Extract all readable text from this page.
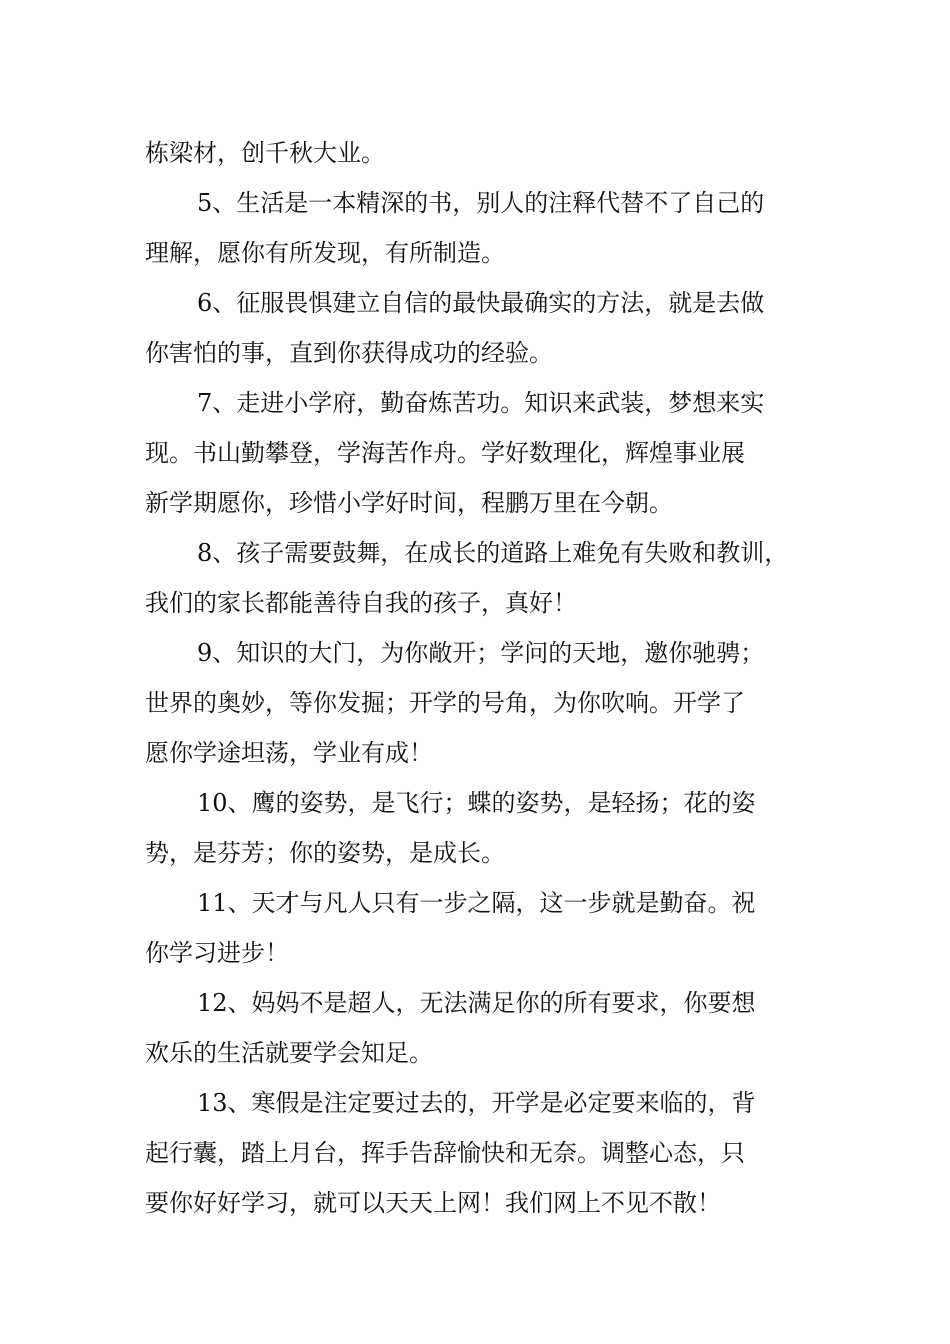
栋梁材，创千秋大业。
5、生活是一本精深的书，别人的注释代替不了自己的
理解，愿你有所发现，有所制造。
6、征服畏惧建立自信的最快最确实的方法，就是去做
你害怕的事，直到你获得成功的经验。
7、走进小学府，勤奋炼苦功。知识来武装，梦想来实
现。书山勤攀登，学海苦作舟。学好数理化，辉煌事业展
新学期愿你，珍惜小学好时间，程鹏万里在今朝。
8、孩子需要鼓舞，在成长的道路上难免有失败和教训，
我们的家长都能善待自我的孩子，真好！
9、知识的大门，为你敞开；学问的天地，邀你驰骋；
世界的奥妙，等你发掘；开学的号角，为你吹响。开学了
愿你学途坦荡，学业有成！
10、鹰的姿势，是飞行；蝶的姿势，是轻扬；花的姿
势，是芬芳；你的姿势，是成长。
11、天才与凡人只有一步之隔，这一步就是勤奋。祝
你学习进步！
12、妈妈不是超人，无法满足你的所有要求，你要想
欢乐的生活就要学会知足。
13、寒假是注定要过去的，开学是必定要来临的，背
起行囊，踏上月台，挥手告辞愉快和无奈。调整心态，只
要你好好学习，就可以天天上网！我们网上不见不散！
